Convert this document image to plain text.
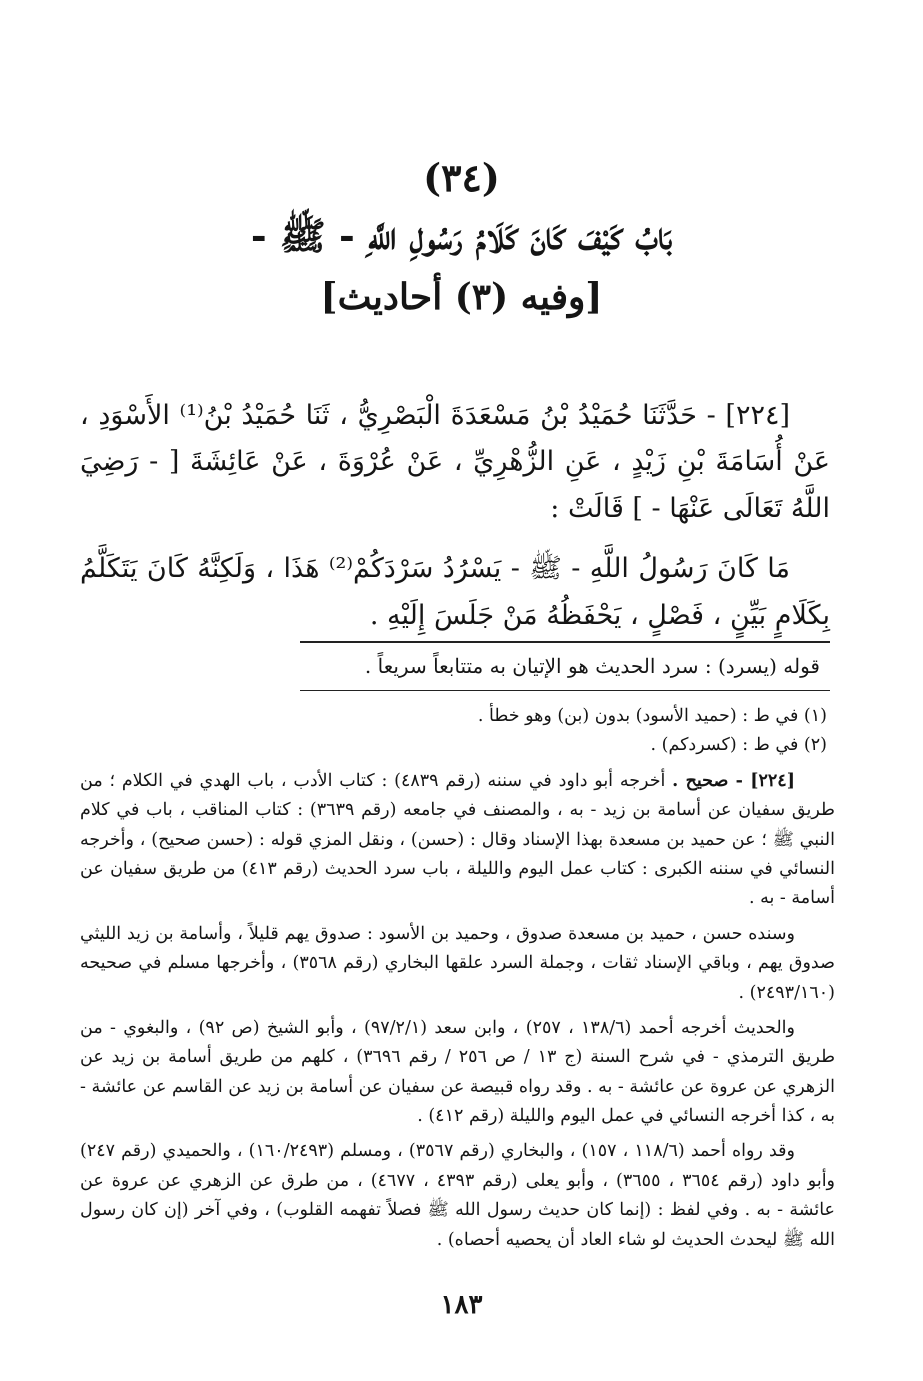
(٣٤)
بَابُ كَيْفَ كَانَ كَلَامُ رَسُولِ اللَّهِ - ﷺ -
[وفيه (٣) أحاديث]

[٢٢٤] - حَدَّثَنَا حُمَيْدُ بْنُ مَسْعَدَةَ الْبَصْرِيُّ ، ثَنَا حُمَيْدُ بْنُ⁽¹⁾ الأَسْوَدِ ، عَنْ أُسَامَةَ بْنِ زَيْدٍ ، عَنِ الزُّهْرِيِّ ، عَنْ عُرْوَةَ ، عَنْ عَائِشَةَ [ - رَضِيَ اللَّهُ تَعَالَى عَنْهَا - ] قَالَتْ :

مَا كَانَ رَسُولُ اللَّهِ - ﷺ - يَسْرُدُ سَرْدَكُمْ⁽²⁾ هَذَا ، وَلَكِنَّهُ كَانَ يَتَكَلَّمُ بِكَلَامٍ بَيِّنٍ ، فَصْلٍ ، يَحْفَظُهُ مَنْ جَلَسَ إِلَيْهِ .

قوله (يسرد) : سرد الحديث هو الإتيان به متتابعاً سريعاً .

(١) في ط : (حميد الأسود) بدون (بن) وهو خطأ .

(٢) في ط : (كسردكم) .

[٢٢٤] - صحيح . أخرجه أبو داود في سننه (رقم ٤٨٣٩) : كتاب الأدب ، باب الهدي في الكلام ؛ من طريق سفيان عن أسامة بن زيد - به ، والمصنف في جامعه (رقم ٣٦٣٩) : كتاب المناقب ، باب في كلام النبي ﷺ ؛ عن حميد بن مسعدة بهذا الإسناد وقال : (حسن) ، ونقل المزي قوله : (حسن صحيح) ، وأخرجه النسائي في سننه الكبرى : كتاب عمل اليوم والليلة ، باب سرد الحديث (رقم ٤١٣) من طريق سفيان عن أسامة - به .

وسنده حسن ، حميد بن مسعدة صدوق ، وحميد بن الأسود : صدوق يهم قليلاً ، وأسامة بن زيد الليثي صدوق يهم ، وباقي الإسناد ثقات ، وجملة السرد علقها البخاري (رقم ٣٥٦٨) ، وأخرجها مسلم في صحيحه (٢٤٩٣/١٦٠) .

والحديث أخرجه أحمد (١٣٨/٦ ، ٢٥٧) ، وابن سعد (٩٧/٢/١) ، وأبو الشيخ (ص ٩٢) ، والبغوي - من طريق الترمذي - في شرح السنة (ج ١٣ / ص ٢٥٦ / رقم ٣٦٩٦) ، كلهم من طريق أسامة بن زيد عن الزهري عن عروة عن عائشة - به . وقد رواه قبيصة عن سفيان عن أسامة بن زيد عن القاسم عن عائشة - به ، كذا أخرجه النسائي في عمل اليوم والليلة (رقم ٤١٢) .

وقد رواه أحمد (١١٨/٦ ، ١٥٧) ، والبخاري (رقم ٣٥٦٧) ، ومسلم (١٦٠/٢٤٩٣) ، والحميدي (رقم ٢٤٧) وأبو داود (رقم ٣٦٥٤ ، ٣٦٥٥) ، وأبو يعلى (رقم ٤٣٩٣ ، ٤٦٧٧) ، من طرق عن الزهري عن عروة عن عائشة - به . وفي لفظ : (إنما كان حديث رسول الله ﷺ فصلاً تفهمه القلوب) ، وفي آخر (إن كان رسول الله ﷺ ليحدث الحديث لو شاء العاد أن يحصيه أحصاه) .

١٨٣
